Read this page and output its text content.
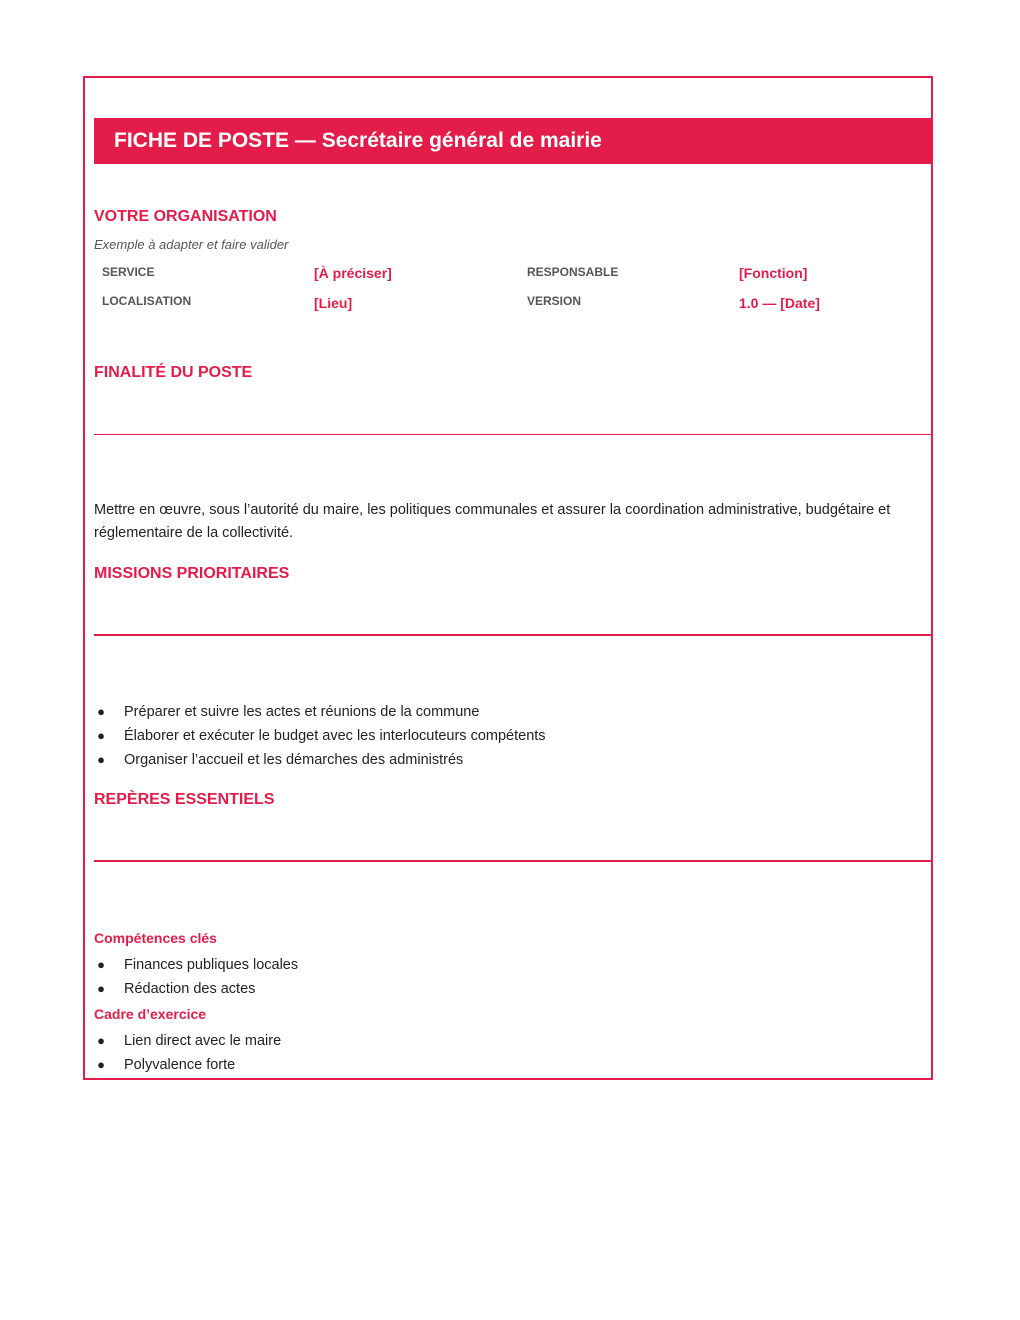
FICHE DE POSTE — Secrétaire général de mairie
VOTRE ORGANISATION
Exemple à adapter et faire valider
SERVICE	[À préciser]	RESPONSABLE	[Fonction]
LOCALISATION	[Lieu]	VERSION	1.0 — [Date]
FINALITÉ DU POSTE
Mettre en œuvre, sous l’autorité du maire, les politiques communales et assurer la coordination administrative, budgétaire et réglementaire de la collectivité.
MISSIONS PRIORITAIRES
● Préparer et suivre les actes et réunions de la commune
● Élaborer et exécuter le budget avec les interlocuteurs compétents
● Organiser l’accueil et les démarches des administrés
REPÈRES ESSENTIELS
Compétences clés
● Finances publiques locales
● Rédaction des actes
Cadre d’exercice
● Lien direct avec le maire
● Polyvalence forte
